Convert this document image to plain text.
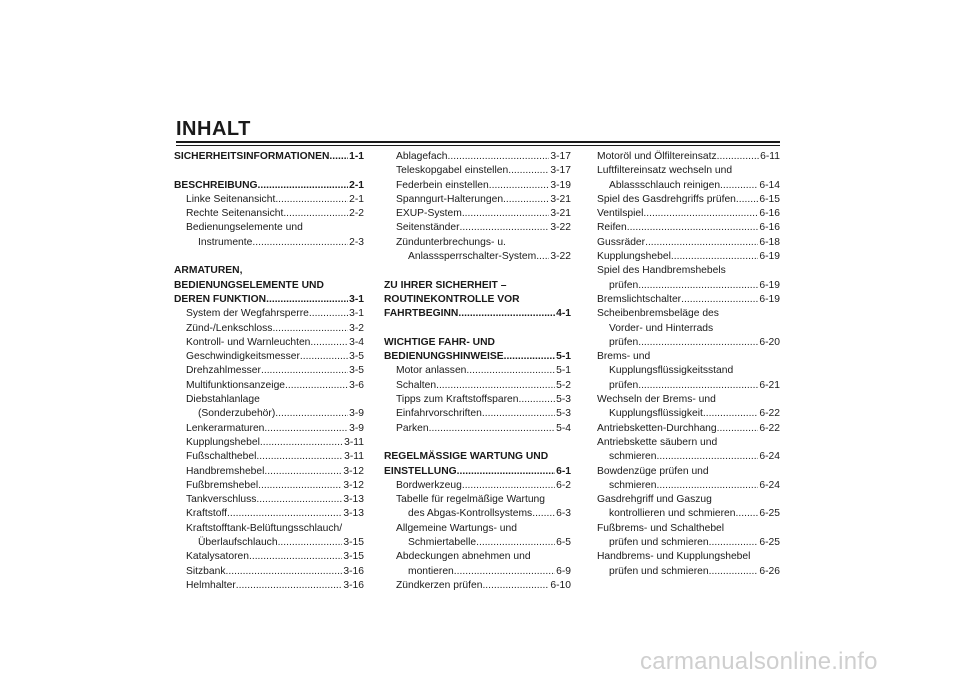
INHALT
SICHERHEITSINFORMATIONEN ..... 1-1
BESCHREIBUNG .....	2-1
Linke Seitenansicht .....	2-1
Rechte Seitenansicht .....	2-2
Bedienungselemente und
Instrumente .....	2-3
ARMATUREN,
BEDIENUNGSELEMENTE UND
DEREN FUNKTION .....	3-1
System der Wegfahrsperre .....	3-1
Zünd-/Lenkschloss .....	3-2
Kontroll- und Warnleuchten .....	3-4
Geschwindigkeitsmesser .....	3-5
Drehzahlmesser .....	3-5
Multifunktionsanzeige .....	3-6
Diebstahlanlage
(Sonderzubehör) .....	3-9
Lenkerarmaturen .....	3-9
Kupplungshebel .....	3-11
Fußschalthebel .....	3-11
Handbremshebel .....	3-12
Fußbremshebel .....	3-12
Tankverschluss .....	3-13
Kraftstoff .....	3-13
Kraftstofftank-Belüftungsschlauch/
Überlaufschlauch .....	3-15
Katalysatoren .....	3-15
Sitzbank .....	3-16
Helmhalter .....	3-16
Ablagefach .....	3-17
Teleskopgabel einstellen .....	3-17
Federbein einstellen .....	3-19
Spanngurt-Halterungen .....	3-21
EXUP-System .....	3-21
Seitenständer .....	3-22
Zündunterbrechungs- u.
Anlasssperrschalter-System ..... 3-22
ZU IHRER SICHERHEIT –
ROUTINEKONTROLLE VOR
FAHRTBEGINN .....	4-1
WICHTIGE FAHR- UND
BEDIENUNGSHINWEISE .....	5-1
Motor anlassen .....	5-1
Schalten .....	5-2
Tipps zum Kraftstoffsparen .....	5-3
Einfahrvorschriften .....	5-3
Parken .....	5-4
REGELMÄSSIGE WARTUNG UND
EINSTELLUNG .....	6-1
Bordwerkzeug .....	6-2
Tabelle für regelmäßige Wartung
des Abgas-Kontrollsystems ..... 6-3
Allgemeine Wartungs- und
Schmiertabelle .....	6-5
Abdeckungen abnehmen und
montieren .....	6-9
Zündkerzen prüfen .....	6-10
Motoröl und Ölfiltereinsatz .....	6-11
Luftfiltereinsatz wechseln und
Ablassschlauch reinigen .....	6-14
Spiel des Gasdrehgriffs prüfen ..... 6-15
Ventilspiel .....	6-16
Reifen .....	6-16
Gussräder .....	6-18
Kupplungshebel .....	6-19
Spiel des Handbremshebels
prüfen .....	6-19
Bremslichtschalter .....	6-19
Scheibenbremsbeläge des
Vorder- und Hinterrads
prüfen .....	6-20
Brems- und
Kupplungsflüssigkeitsstand
prüfen .....	6-21
Wechseln der Brems- und
Kupplungsflüssigkeit .....	6-22
Antriebsketten-Durchhang .....	6-22
Antriebskette säubern und
schmieren .....	6-24
Bowdenzüge prüfen und
schmieren .....	6-24
Gasdrehgriff und Gaszug
kontrollieren und schmieren ..... 6-25
Fußbrems- und Schalthebel
prüfen und schmieren .....	6-25
Handbrems- und Kupplungshebel
prüfen und schmieren .....	6-26
carmanualsonline.info
